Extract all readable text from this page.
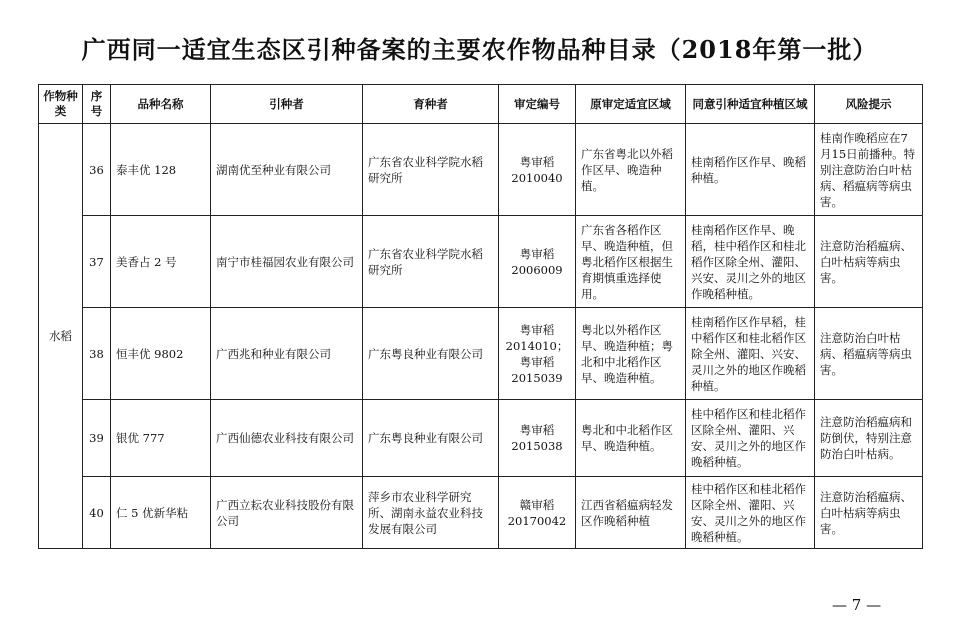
广西同一适宜生态区引种备案的主要农作物品种目录（2018年第一批）
作物种类	序号	品种名称	引种者	育种者	审定编号	原审定适宜区域	同意引种适宜种植区域	风险提示
水稻	36	泰丰优 128	湖南优至种业有限公司	广东省农业科学院水稻研究所	粤审稻2010040	广东省粤北以外稻作区早、晚造种植。	桂南稻作区作早、晚稻种植。	桂南作晚稻应在7月15日前播种。特别注意防治白叶枯病、稻瘟病等病虫害。
	37	美香占 2 号	南宁市桂福园农业有限公司	广东省农业科学院水稻研究所	粤审稻2006009	广东省各稻作区早、晚造种植，但粤北稻作区根据生育期慎重选择使用。	桂南稻作区作早、晚稻，桂中稻作区和桂北稻作区除全州、灌阳、兴安、灵川之外的地区作晚稻种植。	注意防治稻瘟病、白叶枯病等病虫害。
	38	恒丰优 9802	广西兆和种业有限公司	广东粤良种业有限公司	粤审稻2014010；粤审稻2015039	粤北以外稻作区早、晚造种植；粤北和中北稻作区早、晚造种植。	桂南稻作区作早稻，桂中稻作区和桂北稻作区除全州、灌阳、兴安、灵川之外的地区作晚稻种植。	注意防治白叶枯病、稻瘟病等病虫害。
	39	银优 777	广西仙德农业科技有限公司	广东粤良种业有限公司	粤审稻2015038	粤北和中北稻作区早、晚造种植。	桂中稻作区和桂北稻作区除全州、灌阳、兴安、灵川之外的地区作晚稻种植。	注意防治稻瘟病和防倒伏，特别注意防治白叶枯病。
	40	仁 5 优新华粘	广西立耘农业科技股份有限公司	萍乡市农业科学研究所、湖南永益农业科技发展有限公司	赣审稻20170042	江西省稻瘟病轻发区作晚稻种植	桂中稻作区和桂北稻作区除全州、灌阳、兴安、灵川之外的地区作晚稻种植。	注意防治稻瘟病、白叶枯病等病虫害。
— 7 —
